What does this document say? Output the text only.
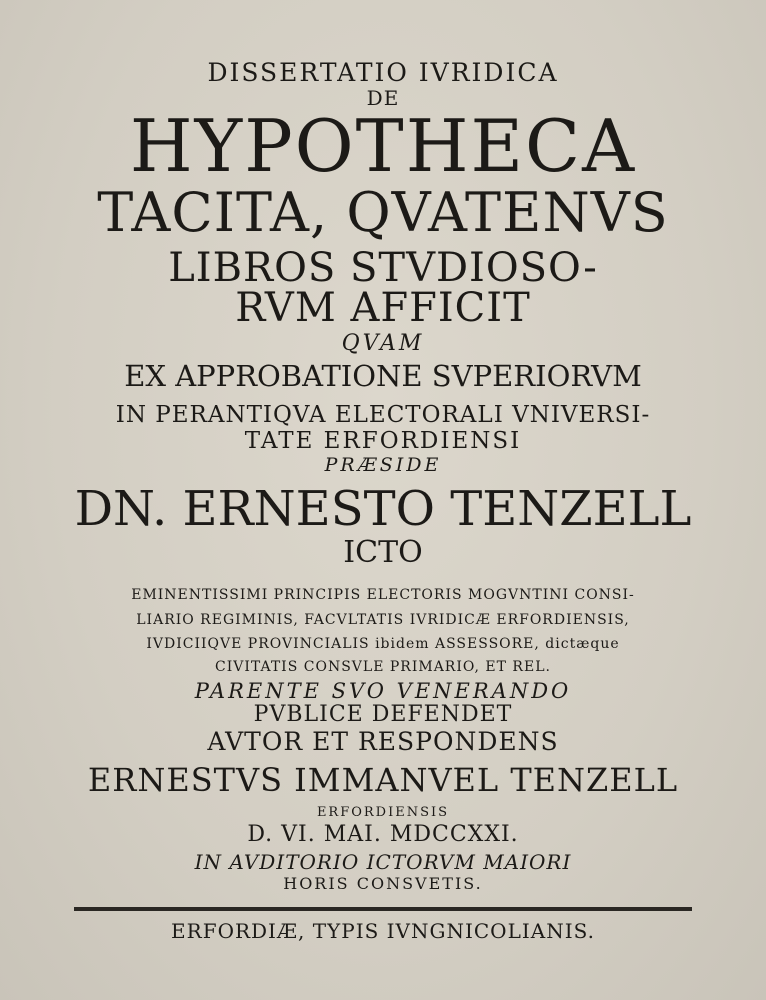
DISSERTATIO IVRIDICA
DE
HYPOTHECA
TACITA, QVATENVS
LIBROS STVDIOSO-
RVM AFFICIT
QVAM
EX APPROBATIONE SVPERIORVM
IN PERANTIQVA ELECTORALI VNIVERSI-
TATE ERFORDIENSI
PRÆSIDE
DN. ERNESTO TENZELL
ICTO
EMINENTISSIMI PRINCIPIS ELECTORIS MOGVNTINI CONSI-
LIARIO REGIMINIS, FACVLTATIS IVRIDICÆ ERFORDIENSIS,
IVDICIIQVE PROVINCIALIS ibidem ASSESSORE, dictæque
CIVITATIS CONSVLE PRIMARIO, ET REL.
PARENTE SVO VENERANDO
PVBLICE DEFENDET
AVTOR ET RESPONDENS
ERNESTVS IMMANVEL TENZELL
ERFORDIENSIS
D. VI. MAI. MDCCXXI.
IN AVDITORIO ICTORVM MAIORI
HORIS CONSVETIS.
ERFORDIÆ, TYPIS IVNGNICOLIANIS.
